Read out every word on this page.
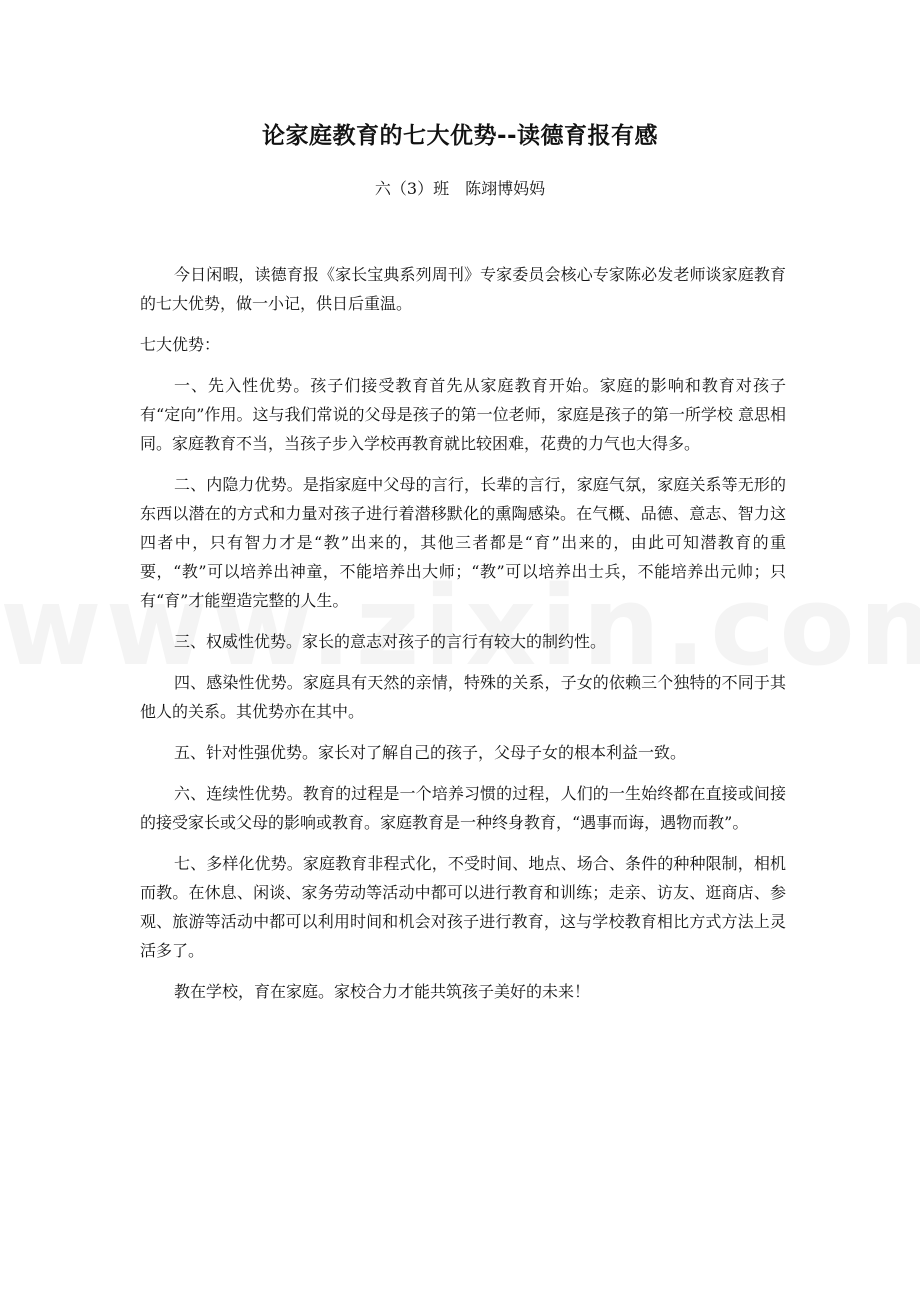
论家庭教育的七大优势--读德育报有感
六（3）班　陈翊博妈妈

今日闲暇，读德育报《家长宝典系列周刊》专家委员会核心专家陈必发老师谈家庭教育的七大优势，做一小记，供日后重温。

七大优势：

一、先入性优势。孩子们接受教育首先从家庭教育开始。家庭的影响和教育对孩子有“定向”作用。这与我们常说的父母是孩子的第一位老师，家庭是孩子的第一所学校 意思相同。家庭教育不当，当孩子步入学校再教育就比较困难，花费的力气也大得多。

二、内隐力优势。是指家庭中父母的言行，长辈的言行，家庭气氛，家庭关系等无形的东西以潜在的方式和力量对孩子进行着潜移默化的熏陶感染。在气概、品德、意志、智力这四者中，只有智力才是“教”出来的，其他三者都是“育”出来的，由此可知潜教育的重要，“教”可以培养出神童，不能培养出大师；“教”可以培养出士兵，不能培养出元帅；只有“育”才能塑造完整的人生。

三、权威性优势。家长的意志对孩子的言行有较大的制约性。

四、感染性优势。家庭具有天然的亲情，特殊的关系，子女的依赖三个独特的不同于其他人的关系。其优势亦在其中。

五、针对性强优势。家长对了解自己的孩子，父母子女的根本利益一致。

六、连续性优势。教育的过程是一个培养习惯的过程，人们的一生始终都在直接或间接的接受家长或父母的影响或教育。家庭教育是一种终身教育，“遇事而诲，遇物而教”。

七、多样化优势。家庭教育非程式化，不受时间、地点、场合、条件的种种限制，相机而教。在休息、闲谈、家务劳动等活动中都可以进行教育和训练；走亲、访友、逛商店、参观、旅游等活动中都可以利用时间和机会对孩子进行教育，这与学校教育相比方式方法上灵活多了。

教在学校，育在家庭。家校合力才能共筑孩子美好的未来！
